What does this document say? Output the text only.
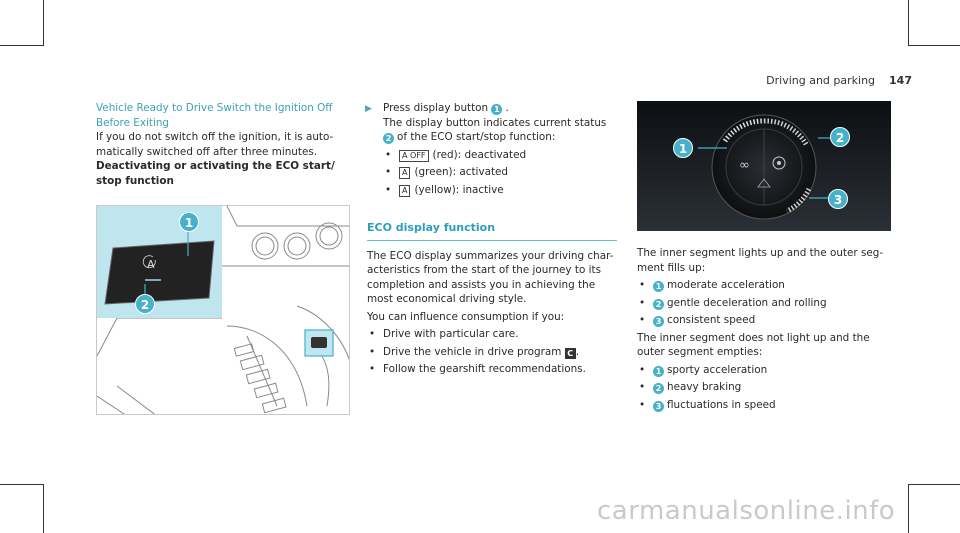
Driving and parking 147

Vehicle Ready to Drive Switch the Ignition Off

Before Exiting

If you do not switch off the ignition, it is auto-

matically switched off after three minutes.

Deactivating or activating the ECO start/

stop function

A
1
2
▶ Press display button 1 .

The display button indicates current status

2 of the ECO start/stop function:

• A OFF (red): deactivated
• A (green): activated
• A (yellow): inactive

ECO display function

The ECO display summarizes your driving char-

acteristics from the start of the journey to its

completion and assists you in achieving the

most economical driving style.

You can influence consumption if you:

• Drive with particular care.
• Drive the vehicle in drive program C .
• Follow the gearshift recommendations.
∞
1
2
3

The inner segment lights up and the outer seg-

ment fills up:

• 1 moderate acceleration
• 2 gentle deceleration and rolling
• 3 consistent speed

The inner segment does not light up and the

outer segment empties:

• 1 sporty acceleration
• 2 heavy braking
• 3 fluctuations in speed
carmanualsonline.info
